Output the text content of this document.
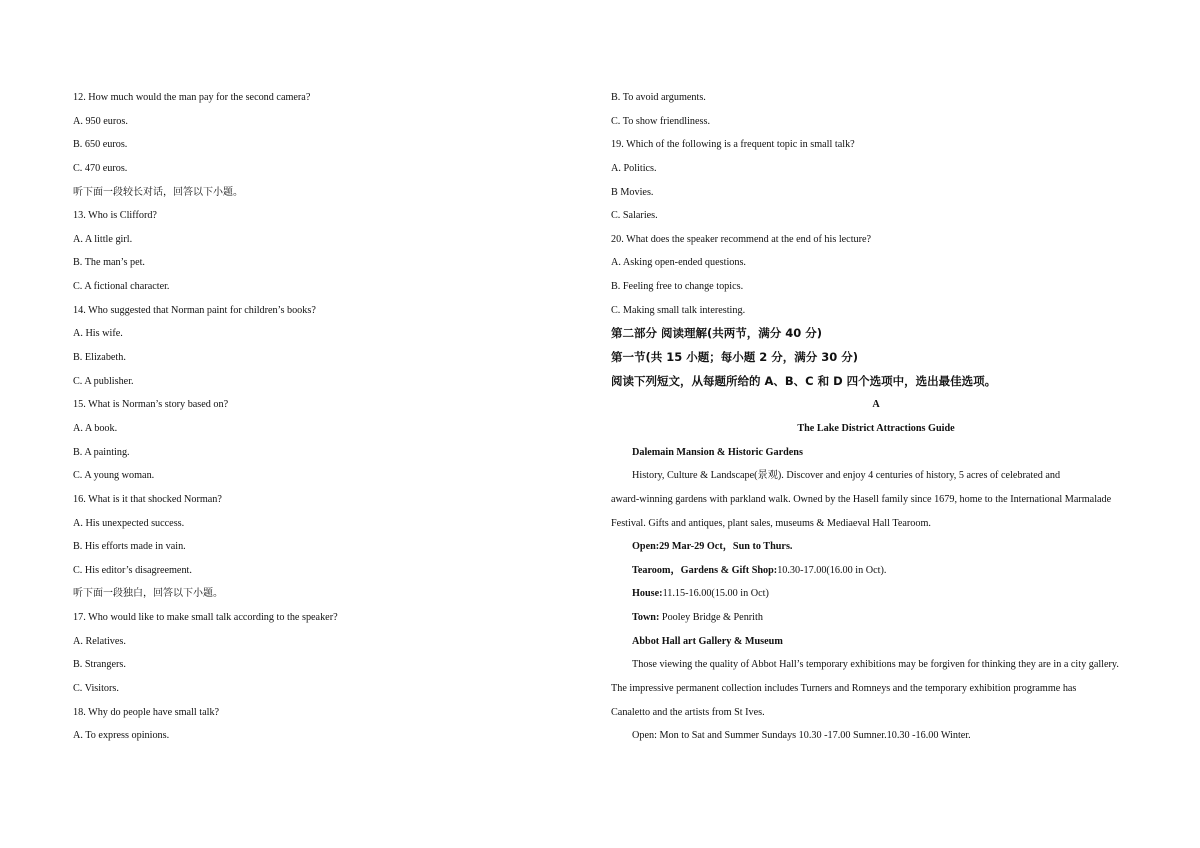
12. How much would the man pay for the second camera?
A. 950 euros.
B. 650 euros.
C. 470 euros.
听下面一段较长对话，回答以下小题。
13. Who is Clifford?
A. A little girl.
B. The man’s pet.
C. A fictional character.
14. Who suggested that Norman paint for children’s books?
A. His wife.
B. Elizabeth.
C. A publisher.
15. What is Norman’s story based on?
A. A book.
B. A painting.
C. A young woman.
16. What is it that shocked Norman?
A. His unexpected success.
B. His efforts made in vain.
C. His editor’s disagreement.
听下面一段独白，回答以下小题。
17. Who would like to make small talk according to the speaker?
A. Relatives.
B. Strangers.
C. Visitors.
18. Why do people have small talk?
A. To express opinions.
B. To avoid arguments.
C. To show friendliness.
19. Which of the following is a frequent topic in small talk?
A. Politics.
B Movies.
C. Salaries.
20. What does the speaker recommend at the end of his lecture?
A. Asking open-ended questions.
B. Feeling free to change topics.
C. Making small talk interesting.
第二部分 阅读理解(共两节，满分 40 分)
第一节(共 15 小题；每小题 2 分，满分 30 分)
阅读下列短文，从每题所给的 A、B、C 和 D 四个选项中，选出最佳选项。
A
The Lake District Attractions Guide
Dalemain Mansion & Historic Gardens
History, Culture & Landscape(景观). Discover and enjoy 4 centuries of history, 5 acres of celebrated and
award-winning gardens with parkland walk. Owned by the Hasell family since 1679, home to the International Marmalade
Festival. Gifts and antiques, plant sales, museums & Mediaeval Hall Tearoom.
Open:29 Mar-29 Oct，Sun to Thurs.
Tearoom，Gardens & Gift Shop:10.30-17.00(16.00 in Oct).
House:11.15-16.00(15.00 in Oct)
Town: Pooley Bridge & Penrith
Abbot Hall art Gallery & Museum
Those viewing the quality of Abbot Hall’s temporary exhibitions may be forgiven for thinking they are in a city gallery.
The impressive permanent collection includes Turners and Romneys and the temporary exhibition programme has
Canaletto and the artists from St Ives.
Open: Mon to Sat and Summer Sundays 10.30 -17.00 Sumner.10.30 -16.00 Winter.
